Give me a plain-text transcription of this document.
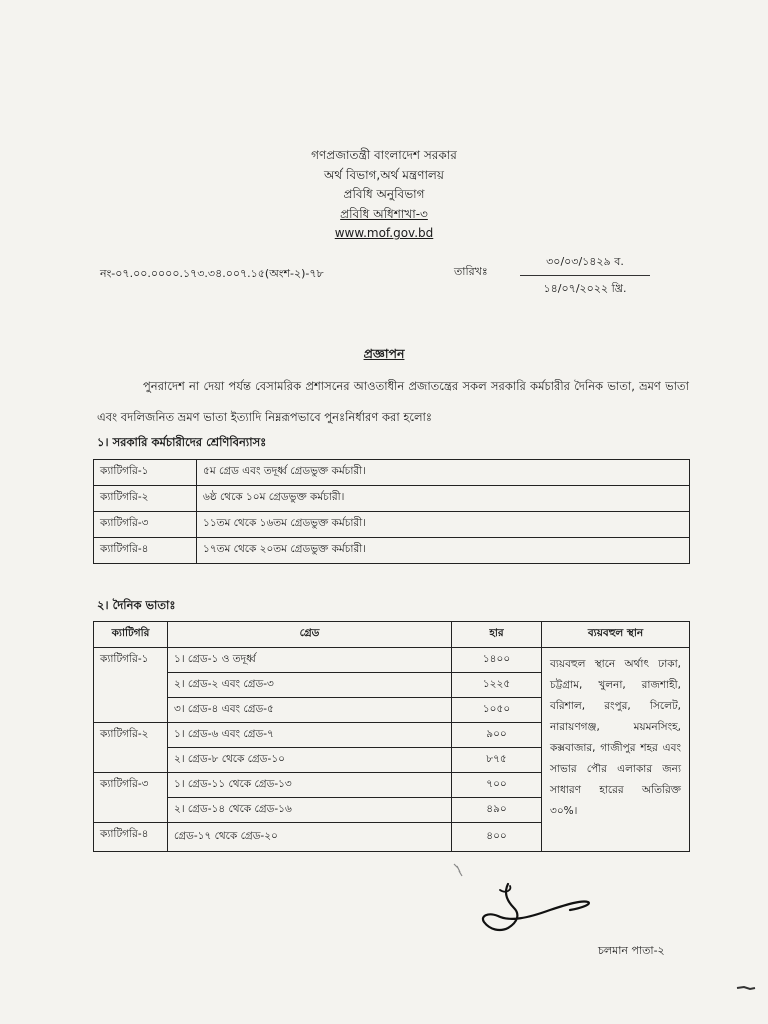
গণপ্রজাতন্ত্রী বাংলাদেশ সরকার
অর্থ বিভাগ,অর্থ মন্ত্রণালয়
প্রবিধি অনুবিভাগ
প্রবিধি অধিশাখা-৩
www.mof.gov.bd
নং-০৭.০০.০০০০.১৭৩.৩৪.০০৭.১৫(অংশ-২)-৭৮	তারিখঃ
৩০/০৩/১৪২৯ ব.
১৪/০৭/২০২২ খ্রি.
প্রজ্ঞাপন
পুনরাদেশ না দেয়া পর্যন্ত বেসামরিক প্রশাসনের আওতাধীন প্রজাতন্ত্রের সকল সরকারি কর্মচারীর দৈনিক ভাতা, ভ্রমণ ভাতা এবং বদলিজনিত ভ্রমণ ভাতা ইত্যাদি নিম্নরূপভাবে পুনঃনির্ধারণ করা হলোঃ
১। সরকারি কর্মচারীদের শ্রেণিবিন্যাসঃ
ক্যাটিগরি-১	৫ম গ্রেড এবং তদূর্ধ্ব গ্রেডভুক্ত কর্মচারী।
ক্যাটিগরি-২	৬ষ্ঠ থেকে ১০ম গ্রেডভুক্ত কর্মচারী।
ক্যাটিগরি-৩	১১তম থেকে ১৬তম গ্রেডভুক্ত কর্মচারী।
ক্যাটিগরি-৪	১৭তম থেকে ২০তম গ্রেডভুক্ত কর্মচারী।
২। দৈনিক ভাতাঃ
ক্যাটিগরি	গ্রেড	হার	ব্যয়বহুল স্থান
ক্যাটিগরি-১	১। গ্রেড-১ ও তদূর্ধ্ব	১৪০০	ব্যয়বহুল স্থানে অর্থাৎ ঢাকা, চট্টগ্রাম, খুলনা, রাজশাহী, বরিশাল, রংপুর, সিলেট, নারায়ণগঞ্জ, ময়মনসিংহ, কক্সবাজার, গাজীপুর শহর এবং সাভার পৌর এলাকার জন্য সাধারণ হারের অতিরিক্ত ৩০%।
	২। গ্রেড-২ এবং গ্রেড-৩	১২২৫	
	৩। গ্রেড-৪ এবং গ্রেড-৫	১০৫০	
ক্যাটিগরি-২	১। গ্রেড-৬ এবং গ্রেড-৭	৯০০	
	২। গ্রেড-৮ থেকে গ্রেড-১০	৮৭৫	
ক্যাটিগরি-৩	১। গ্রেড-১১ থেকে গ্রেড-১৩	৭০০	
	২। গ্রেড-১৪ থেকে গ্রেড-১৬	৪৯০	
ক্যাটিগরি-৪	গ্রেড-১৭ থেকে গ্রেড-২০	৪০০	
চলমান পাতা-২
